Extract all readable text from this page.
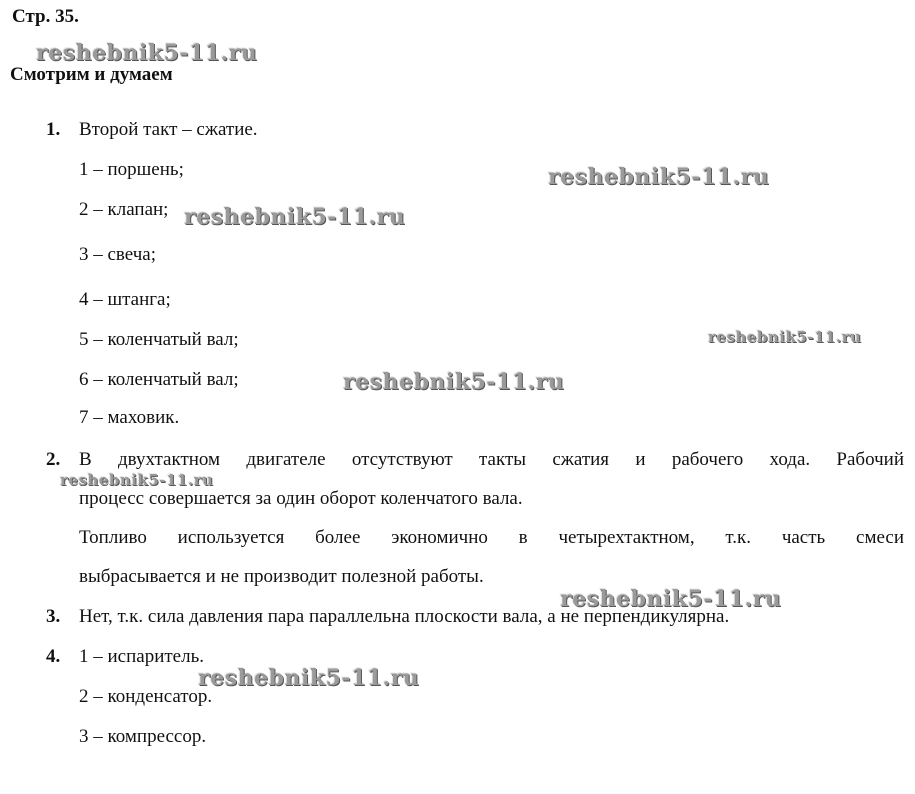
Стр. 35.
Смотрим и думаем
1. Второй такт – сжатие.
1 – поршень;
2 – клапан;
3 – свеча;
4 – штанга;
5 – коленчатый вал;
6 – коленчатый вал;
7 – маховик.
2. В двухтактном двигателе отсутствуют такты сжатия и рабочего хода. Рабочий
процесс совершается за один оборот коленчатого вала.
Топливо используется более экономично в четырехтактном, т.к. часть смеси
выбрасывается и не производит полезной работы.
3. Нет, т.к. сила давления пара параллельна плоскости вала, а не перпендикулярна.
4. 1 – испаритель.
2 – конденсатор.
3 – компрессор.
reshebnik5-11.ru
reshebnik5-11.ru
reshebnik5-11.ru
reshebnik5-11.ru
reshebnik5-11.ru
reshebnik5-11.ru
reshebnik5-11.ru
reshebnik5-11.ru
